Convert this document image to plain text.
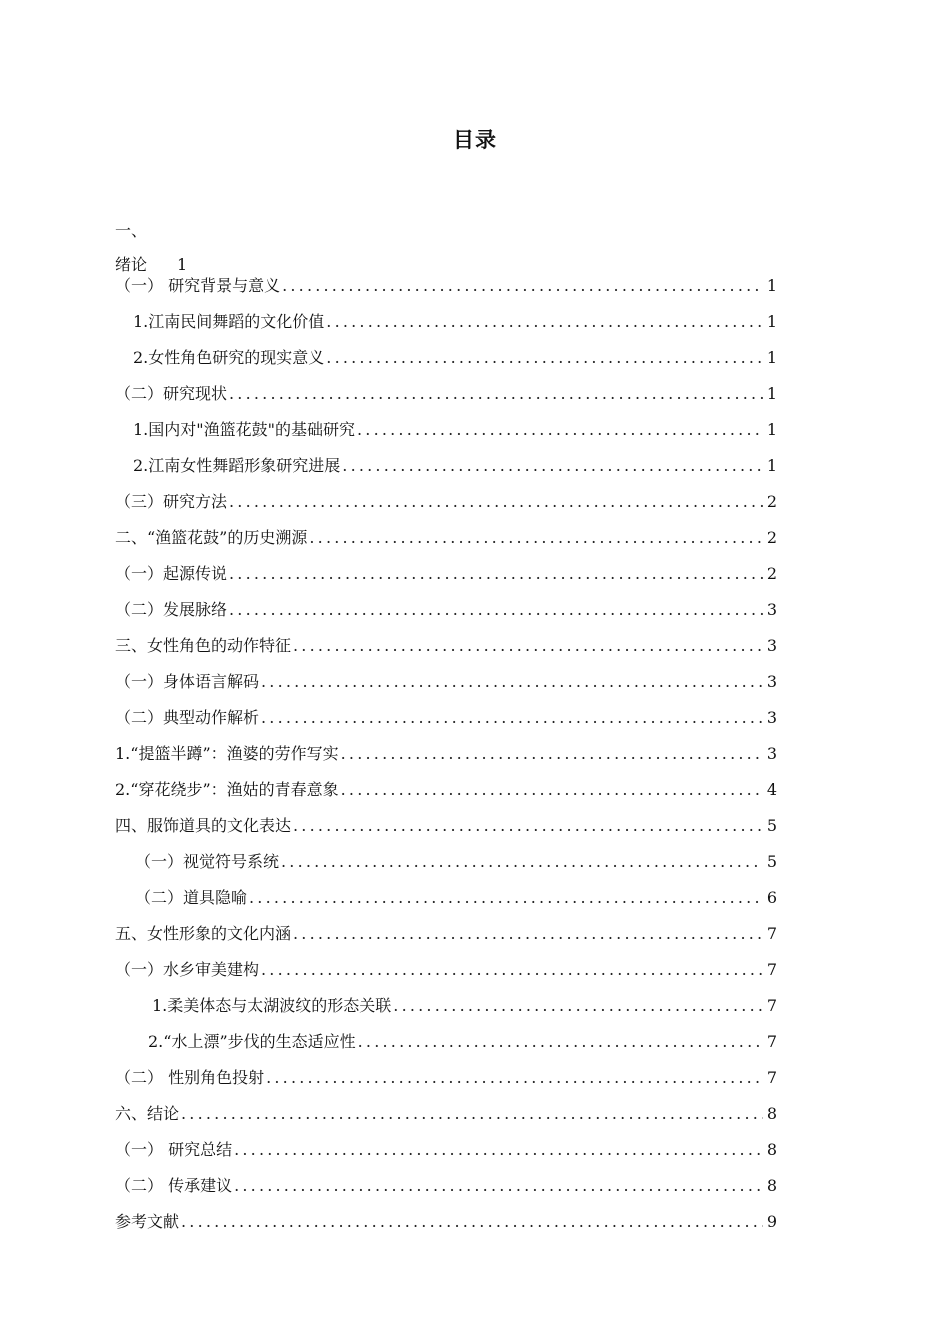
目录
一、
绪论 1
（一） 研究背景与意义 .....	1
1.江南民间舞蹈的文化价值 .....	1
2.女性角色研究的现实意义 .....	1
（二）研究现状 .....	1
1.国内对"渔篮花鼓"的基础研究 .....	1
2.江南女性舞蹈形象研究进展 .....	1
（三）研究方法 .....	2
二、“渔篮花鼓”的历史溯源 .....	2
（一）起源传说 .....	2
（二）发展脉络 .....	3
三、女性角色的动作特征 .....	3
（一）身体语言解码 .....	3
（二）典型动作解析 .....	3
1.“提篮半蹲”：渔婆的劳作写实 .....	3
2.“穿花绕步”：渔姑的青春意象 .....	4
四、服饰道具的文化表达 .....	5
（一）视觉符号系统 .....	5
（二）道具隐喻 .....	6
五、女性形象的文化内涵 .....	7
（一）水乡审美建构 .....	7
1.柔美体态与太湖波纹的形态关联 .....	7
2.“水上漂”步伐的生态适应性 .....	7
（二） 性别角色投射 .....	7
六、结论 .....	8
（一） 研究总结 .....	8
（二） 传承建议 .....	8
参考文献 .....	9
